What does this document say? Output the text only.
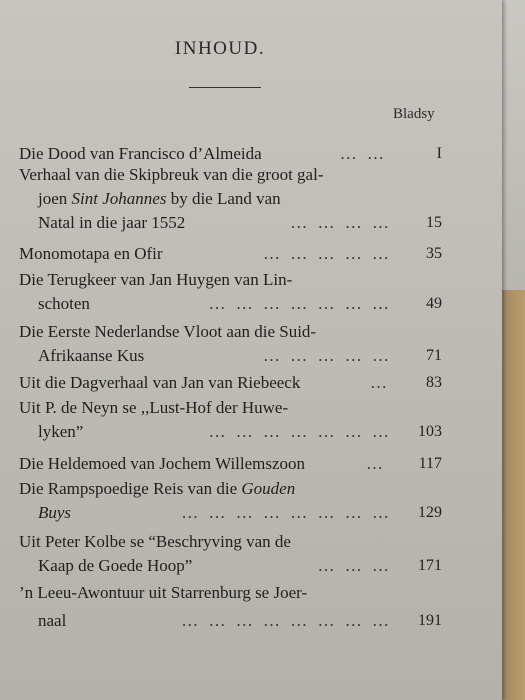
INHOUD.
Bladsy
Die Dood van Francisco d’Almeida	… …	I
Verhaal van die Skipbreuk van die groot gal-
joen Sint Johannes by die Land van
Natal in die jaar 1552	… … … … 15
Monomotapa en Ofir	… … … … … 35
Die Terugkeer van Jan Huygen van Lin-
schoten	… … … … … … … 49
Die Eerste Nederlandse Vloot aan die Suid-
Afrikaanse Kus	… … … … … 71
Uit die Dagverhaal van Jan van Riebeeck	… 83
Uit P. de Neyn se ,,Lust-Hof der Huwe-
lyken”	… … … … … … … 103
Die Heldemoed van Jochem Willemszoon	… 117
Die Rampspoedige Reis van die Gouden
Buys	… … … … … … … … 129
Uit Peter Kolbe se “Beschryving van de
Kaap de Goede Hoop”	… … … 171
’n Leeu-Awontuur uit Starrenburg se Joer-
naal	… … … … … … … … 191
